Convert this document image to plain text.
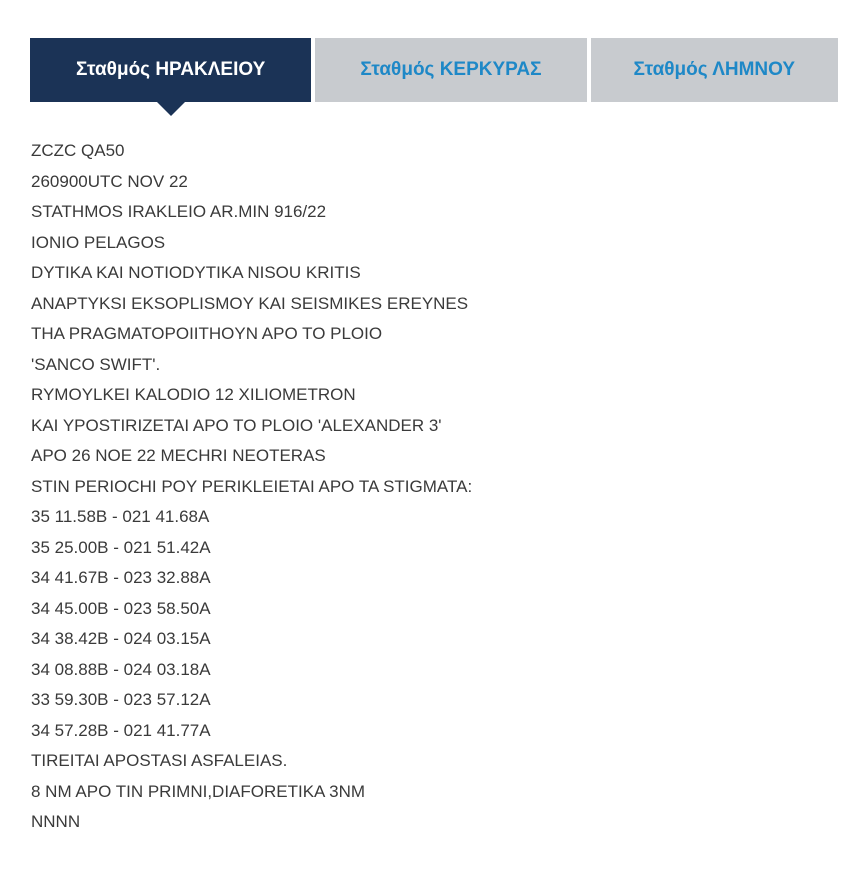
Σταθμός ΗΡΑΚΛΕΙΟΥ	Σταθμός ΚΕΡΚΥΡΑΣ	Σταθμός ΛΗΜΝΟΥ
ZCZC QA50
260900UTC NOV 22
STATHMOS IRAKLEIO AR.MIN 916/22
IONIO PELAGOS
DYTIKA KAI NOTIODYTIKA NISOU KRITIS
ANAPTYKSI EKSOPLISMOY KAI SEISMIKES EREYNES
THA PRAGMATOPOIITHOYN APO TO PLOIO
'SANCO SWIFT'.
RYMOYLKEI KALODIO 12 XILIOMETRON
KAI YPOSTIRIZETAI APO TO PLOIO 'ALEXANDER 3'
APO 26 NOE 22 MECHRI NEOTERAS
STIN PERIOCHI POY PERIKLEIETAI APO TA STIGMATA:
35 11.58B - 021 41.68A
35 25.00B - 021 51.42A
34 41.67B - 023 32.88A
34 45.00B - 023 58.50A
34 38.42B - 024 03.15A
34 08.88B - 024 03.18A
33 59.30B - 023 57.12A
34 57.28B - 021 41.77A
TIREITAI APOSTASI ASFALEIAS.
8 NM APO TIN PRIMNI,DIAFORETIKA 3NM
NNNN
